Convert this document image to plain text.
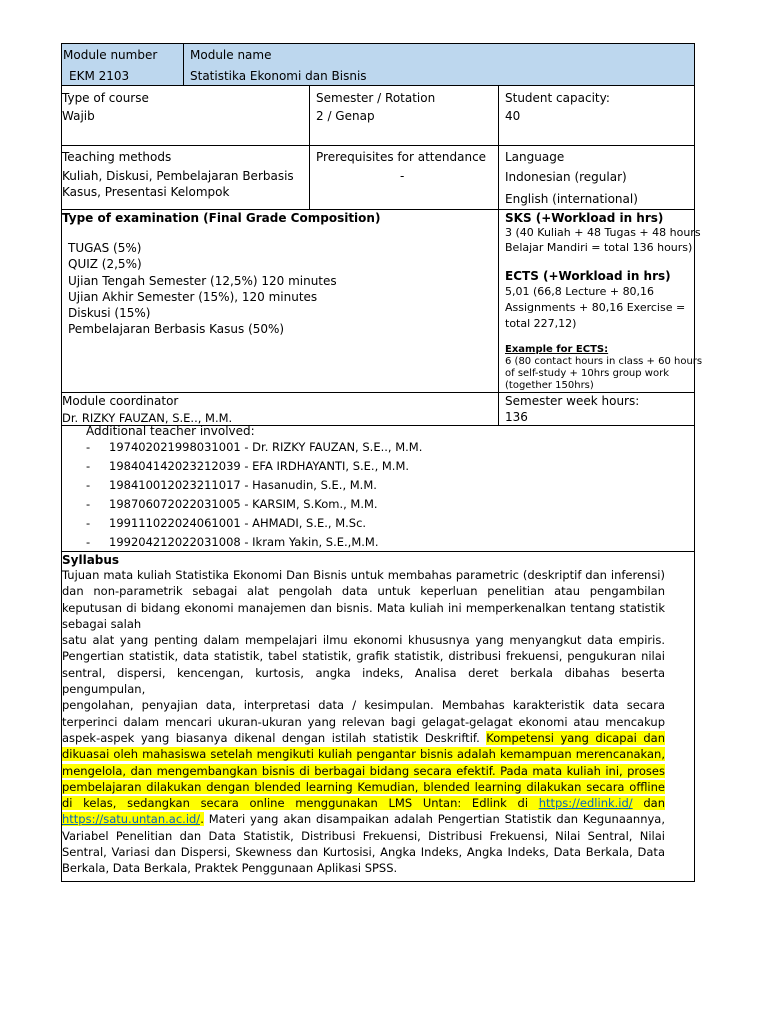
Module number
EKM 2103
Module name
Statistika Ekonomi dan Bisnis
Type of course
Wajib
Semester / Rotation
2 / Genap
Student capacity:
40
Teaching methods
Kuliah, Diskusi, Pembelajaran Berbasis
Kasus, Presentasi Kelompok
Prerequisites for attendance
-
Language
Indonesian (regular)
English (international)
Type of examination (Final Grade Composition)
TUGAS (5%)
QUIZ (2,5%)
Ujian Tengah Semester (12,5%) 120 minutes
Ujian Akhir Semester (15%), 120 minutes
Diskusi (15%)
Pembelajaran Berbasis Kasus (50%)
SKS (+Workload in hrs)
3 (40 Kuliah + 48 Tugas + 48 hours
Belajar Mandiri = total 136 hours)
ECTS (+Workload in hrs)
5,01 (66,8 Lecture + 80,16
Assignments + 80,16 Exercise =
total 227,12)
Example for ECTS:
6 (80 contact hours in class + 60 hours
of self-study + 10hrs group work
(together 150hrs)
Module coordinator
Dr. RIZKY FAUZAN, S.E.., M.M.
Semester week hours:
136
Additional teacher involved:
- 197402021998031001 - Dr. RIZKY FAUZAN, S.E.., M.M.
- 198404142023212039 - EFA IRDHAYANTI, S.E., M.M.
- 198410012023211017 - Hasanudin, S.E., M.M.
- 198706072022031005 - KARSIM, S.Kom., M.M.
- 199111022024061001 - AHMADI, S.E., M.Sc.
- 199204212022031008 - Ikram Yakin, S.E.,M.M.
Syllabus
Tujuan mata kuliah Statistika Ekonomi Dan Bisnis untuk membahas parametric (deskriptif dan inferensi) dan non-parametrik sebagai alat pengolah data untuk keperluan penelitian atau pengambilan keputusan di bidang ekonomi manajemen dan bisnis. Mata kuliah ini memperkenalkan tentang statistik sebagai salah
satu alat yang penting dalam mempelajari ilmu ekonomi khususnya yang menyangkut data empiris. Pengertian statistik, data statistik, tabel statistik, grafik statistik, distribusi frekuensi, pengukuran nilai sentral, dispersi, kencengan, kurtosis, angka indeks, Analisa deret berkala dibahas beserta pengumpulan,
pengolahan, penyajian data, interpretasi data / kesimpulan. Membahas karakteristik data secara terperinci dalam mencari ukuran-ukuran yang relevan bagi gelagat-gelagat ekonomi atau mencakup aspek-aspek yang biasanya dikenal dengan istilah statistik Deskriftif. Kompetensi yang dicapai dan dikuasai oleh mahasiswa setelah mengikuti kuliah pengantar bisnis adalah kemampuan merencanakan, mengelola, dan mengembangkan bisnis di berbagai bidang secara efektif. Pada mata kuliah ini, proses pembelajaran dilakukan dengan blended learning Kemudian, blended learning dilakukan secara offline di kelas, sedangkan secara online menggunakan LMS Untan: Edlink di https://edlink.id/ dan https://satu.untan.ac.id/. Materi yang akan disampaikan adalah Pengertian Statistik dan Kegunaannya, Variabel Penelitian dan Data Statistik, Distribusi Frekuensi, Distribusi Frekuensi, Nilai Sentral, Nilai Sentral, Variasi dan Dispersi, Skewness dan Kurtosisi, Angka Indeks, Angka Indeks, Data Berkala, Data Berkala, Data Berkala, Praktek Penggunaan Aplikasi SPSS.
